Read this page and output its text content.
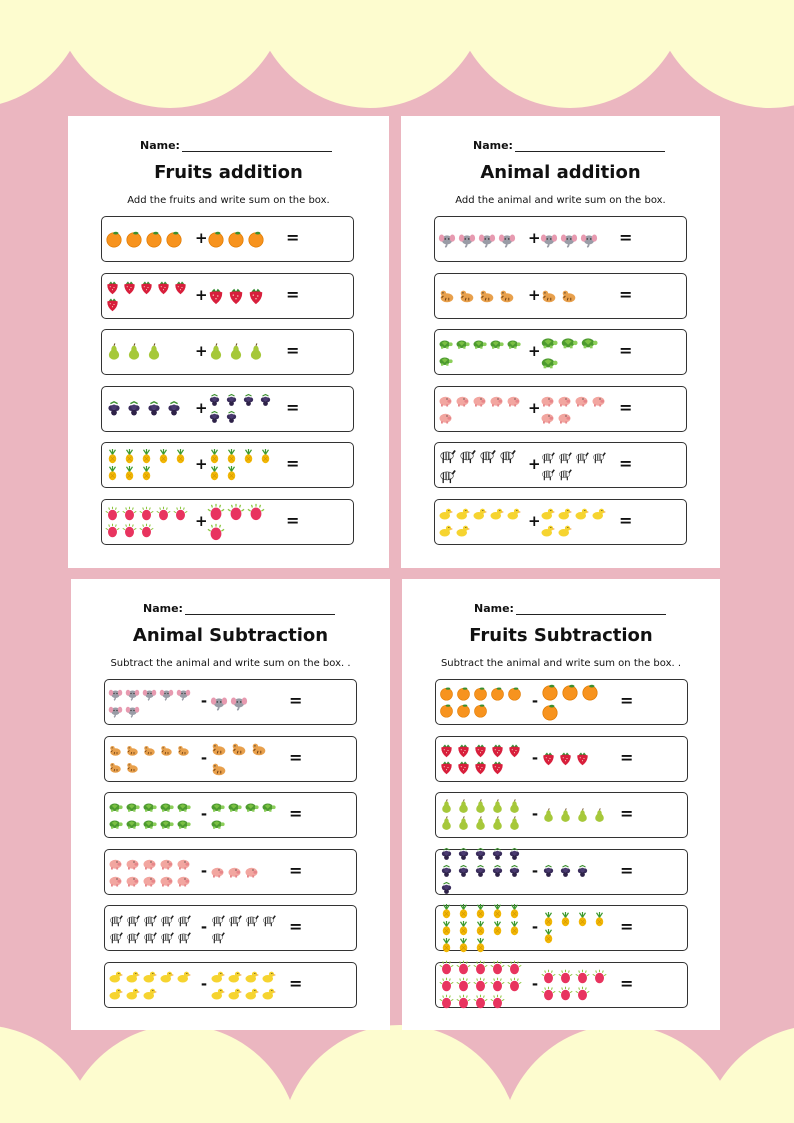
Name:
Fruits addition
Add the fruits and write sum on the box.
+	=
+	=
+	=
+	=
+	=
+	=
Name:
Animal addition
Add the animal and write sum on the box.
+	=
+	=
+	=
+	=
+	=
+	=
Name:
Animal Subtraction
Subtract the animal and write sum on the box. .
-	=
-	=
-	=
-	=
-	=
-	=
Name:
Fruits Subtraction
Subtract the animal and write sum on the box. .
-	=
-	=
-	=
-	=
-	=
-	=
